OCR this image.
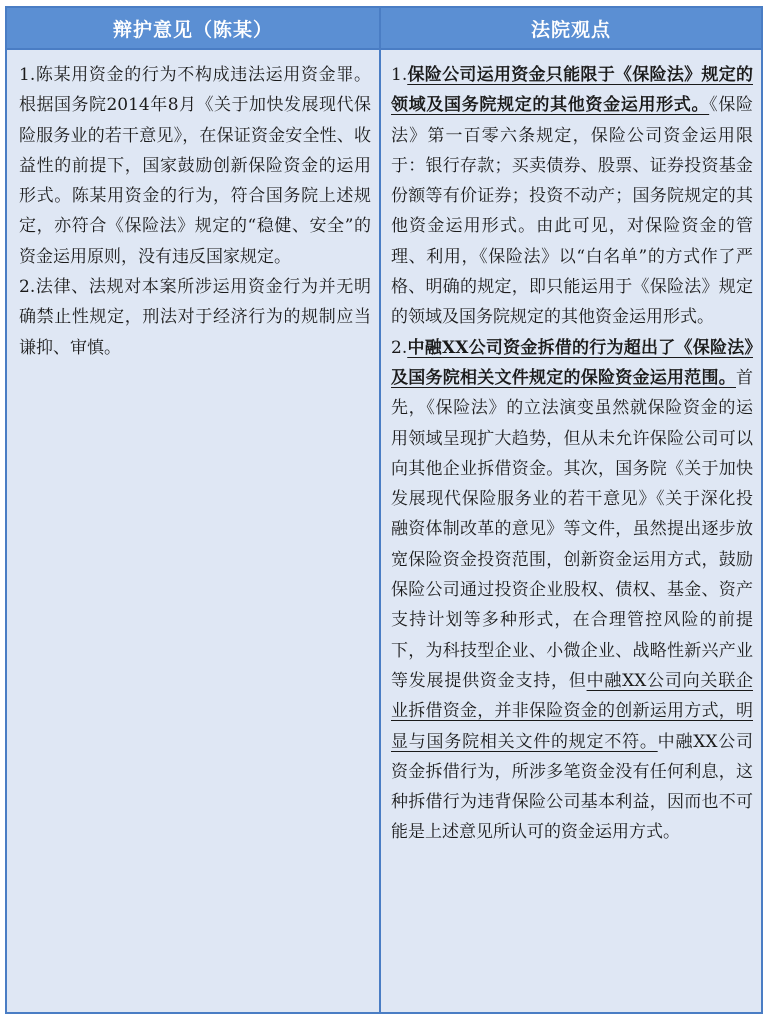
辩护意见（陈某）	法院观点

1.陈某用资金的行为不构成违法运用资金罪。根据国务院2014年8月《关于加快发展现代保险服务业的若干意见》，在保证资金安全性、收益性的前提下，国家鼓励创新保险资金的运用形式。陈某用资金的行为，符合国务院上述规定，亦符合《保险法》规定的“稳健、安全”的资金运用原则，没有违反国家规定。

2.法律、法规对本案所涉运用资金行为并无明确禁止性规定，刑法对于经济行为的规制应当谦抑、审慎。

1.保险公司运用资金只能限于《保险法》规定的领域及国务院规定的其他资金运用形式。《保险法》第一百零六条规定，保险公司资金运用限于：银行存款；买卖债券、股票、证券投资基金份额等有价证券；投资不动产；国务院规定的其他资金运用形式。由此可见，对保险资金的管理、利用，《保险法》以“白名单”的方式作了严格、明确的规定，即只能运用于《保险法》规定的领域及国务院规定的其他资金运用形式。

2.中融XX公司资金拆借的行为超出了《保险法》及国务院相关文件规定的保险资金运用范围。首先，《保险法》的立法演变虽然就保险资金的运用领域呈现扩大趋势，但从未允许保险公司可以向其他企业拆借资金。其次，国务院《关于加快发展现代保险服务业的若干意见》《关于深化投融资体制改革的意见》等文件，虽然提出逐步放宽保险资金投资范围，创新资金运用方式，鼓励保险公司通过投资企业股权、债权、基金、资产支持计划等多种形式，在合理管控风险的前提下，为科技型企业、小微企业、战略性新兴产业等发展提供资金支持，但中融XX公司向关联企业拆借资金，并非保险资金的创新运用方式，明显与国务院相关文件的规定不符。中融XX公司资金拆借行为，所涉多笔资金没有任何利息，这种拆借行为违背保险公司基本利益，因而也不可能是上述意见所认可的资金运用方式。
